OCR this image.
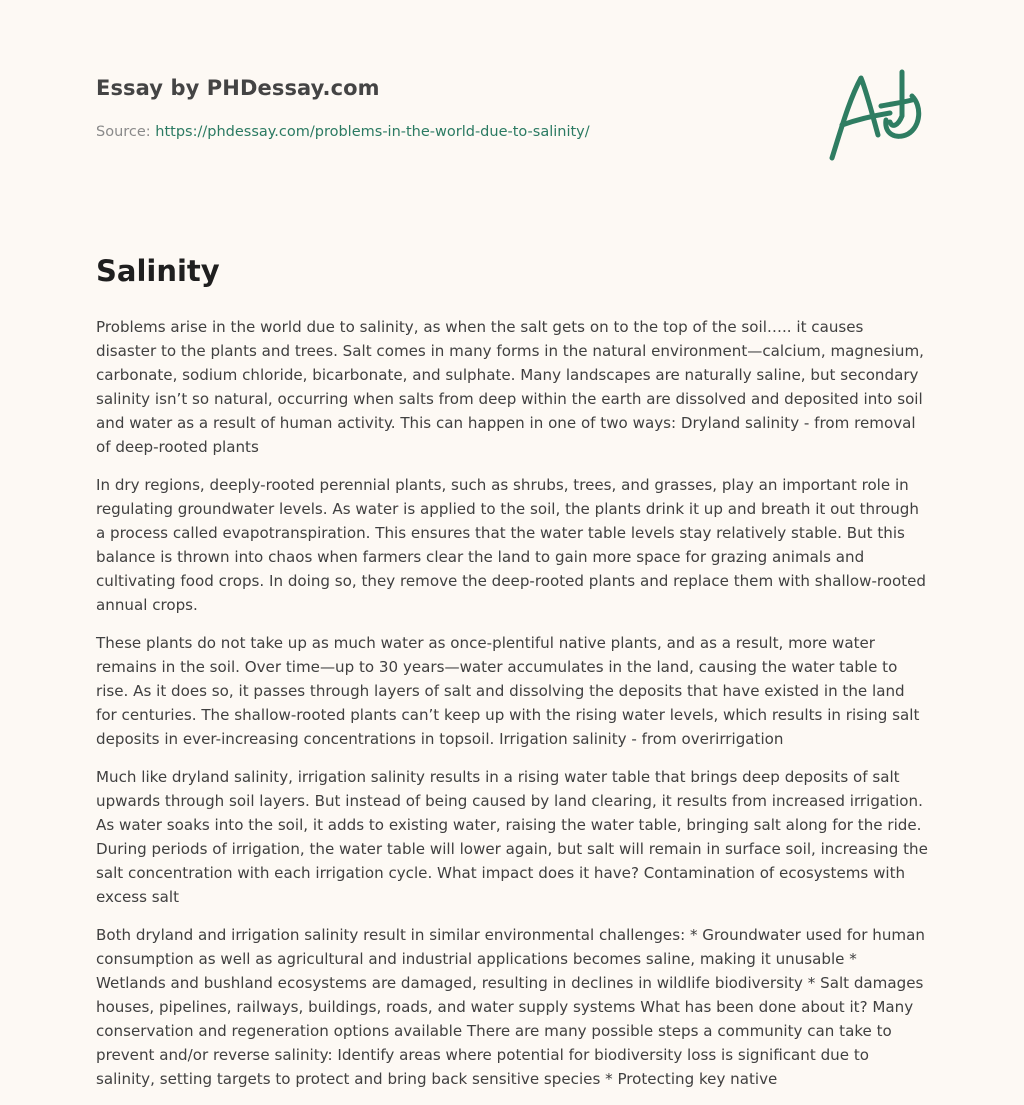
Essay by PHDessay.com
Source: https://phdessay.com/problems-in-the-world-due-to-salinity/
Salinity

Problems arise in the world due to salinity, as when the salt gets on to the top of the soil….. it causes disaster to the plants and trees. Salt comes in many forms in the natural environment—calcium, magnesium, carbonate, sodium chloride, bicarbonate, and sulphate. Many landscapes are naturally saline, but secondary salinity isn’t so natural, occurring when salts from deep within the earth are dissolved and deposited into soil and water as a result of human activity. This can happen in one of two ways: Dryland salinity - from removal of deep-rooted plants

In dry regions, deeply-rooted perennial plants, such as shrubs, trees, and grasses, play an important role in regulating groundwater levels. As water is applied to the soil, the plants drink it up and breath it out through a process called evapotranspiration. This ensures that the water table levels stay relatively stable. But this balance is thrown into chaos when farmers clear the land to gain more space for grazing animals and cultivating food crops. In doing so, they remove the deep-rooted plants and replace them with shallow-rooted annual crops.

These plants do not take up as much water as once-plentiful native plants, and as a result, more water remains in the soil. Over time—up to 30 years—water accumulates in the land, causing the water table to rise. As it does so, it passes through layers of salt and dissolving the deposits that have existed in the land for centuries. The shallow-rooted plants can’t keep up with the rising water levels, which results in rising salt deposits in ever-increasing concentrations in topsoil. Irrigation salinity - from overirrigation

Much like dryland salinity, irrigation salinity results in a rising water table that brings deep deposits of salt upwards through soil layers. But instead of being caused by land clearing, it results from increased irrigation. As water soaks into the soil, it adds to existing water, raising the water table, bringing salt along for the ride. During periods of irrigation, the water table will lower again, but salt will remain in surface soil, increasing the salt concentration with each irrigation cycle. What impact does it have? Contamination of ecosystems with excess salt

Both dryland and irrigation salinity result in similar environmental challenges: * Groundwater used for human consumption as well as agricultural and industrial applications becomes saline, making it unusable * Wetlands and bushland ecosystems are damaged, resulting in declines in wildlife biodiversity * Salt damages houses, pipelines, railways, buildings, roads, and water supply systems What has been done about it? Many conservation and regeneration options available There are many possible steps a community can take to prevent and/or reverse salinity: Identify areas where potential for biodiversity loss is significant due to salinity, setting targets to protect and bring back sensitive species * Protecting key native
